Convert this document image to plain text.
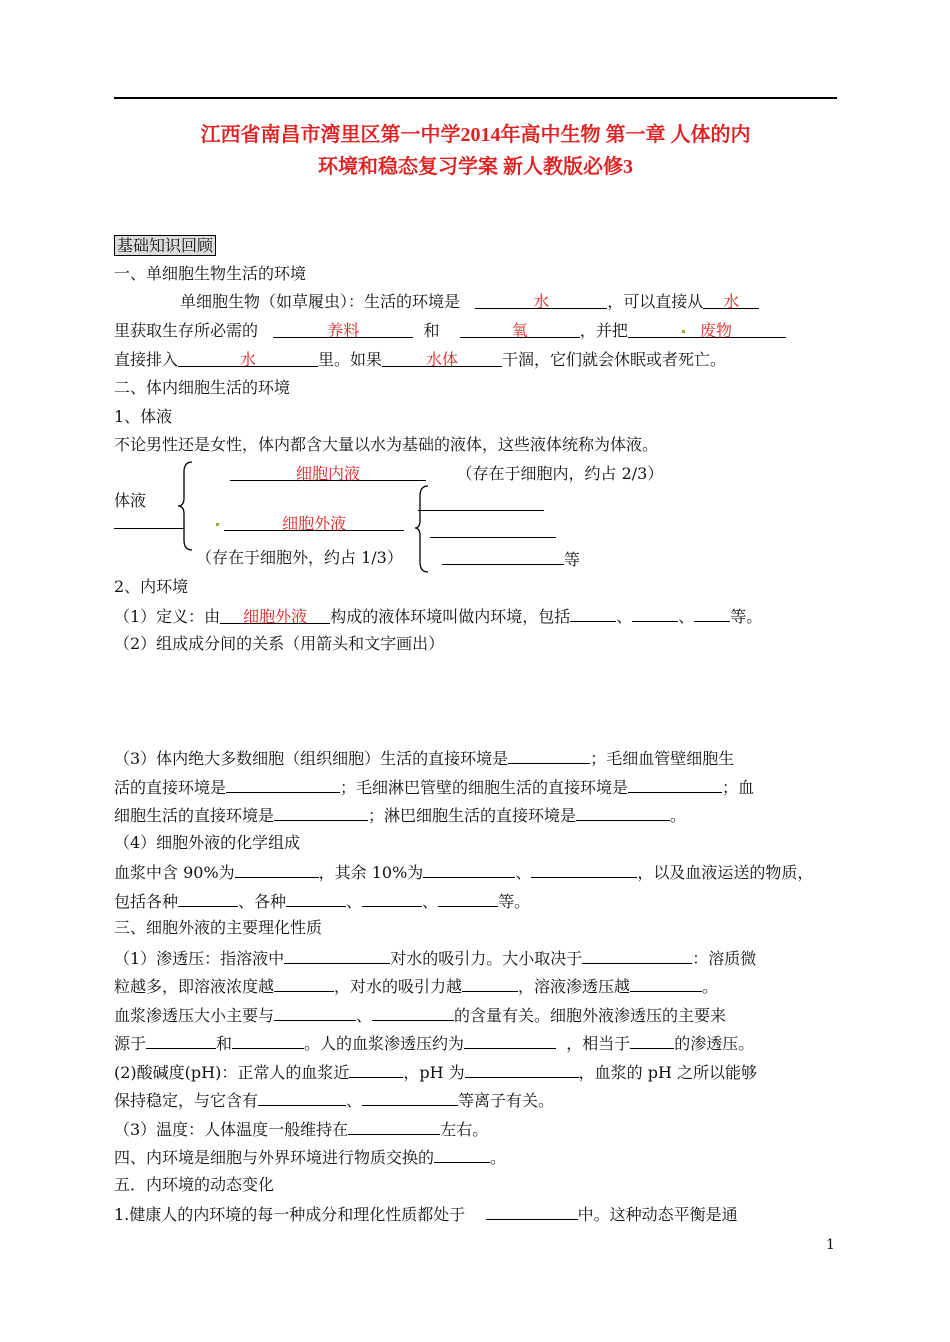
江西省南昌市湾里区第一中学2014年高中生物 第一章 人体的内
环境和稳态复习学案 新人教版必修3
基础知识回顾
一、单细胞生物生活的环境
单细胞生物（如草履虫）：生活的环境是	水	，可以直接从 水
里获取生存所必需的	养料	和	氧	，并把	废物
直接排入	水	里。如果	水体	干涸，它们就会休眠或者死亡。
二、体内细胞生活的环境
1、体液
不论男性还是女性，体内都含大量以水为基础的液体，这些液体统称为体液。
体液
细胞内液	（存在于细胞内，约占 2/3）
细胞外液
（存在于细胞外，约占 1/3）	等
2、内环境
（1）定义：由 细胞外液 构成的液体环境叫做内环境，包括	、	、 等。
（2）组成成分间的关系（用箭头和文字画出）
（3）体内绝大多数细胞（组织细胞）生活的直接环境是	；毛细血管壁细胞生
活的直接环境是	；毛细淋巴管壁的细胞生活的直接环境是	；血
细胞生活的直接环境是	；淋巴细胞生活的直接环境是	。
（4）细胞外液的化学组成
血浆中含 90%为	，其余 10%为	、	，以及血液运送的物质，
包括各种	、各种	、	、	等。
三、细胞外液的主要理化性质
（1）渗透压：指溶液中	对水的吸引力。大小取决于	：溶质微
粒越多，即溶液浓度越	，对水的吸引力越	，溶液渗透压越	。
血浆渗透压大小主要与	、	的含量有关。细胞外液渗透压的主要来
源于	和	。人的血浆渗透压约为	，相当于	的渗透压。
(2)酸碱度(pH)：正常人的血浆近	，pH 为	，血浆的 pH 之所以能够
保持稳定，与它含有	、	等离子有关。
（3）温度：人体温度一般维持在	左右。
四、内环境是细胞与外界环境进行物质交换的	。
五．内环境的动态变化
1.健康人的内环境的每一种成分和理化性质都处于	中。这种动态平衡是通
1
